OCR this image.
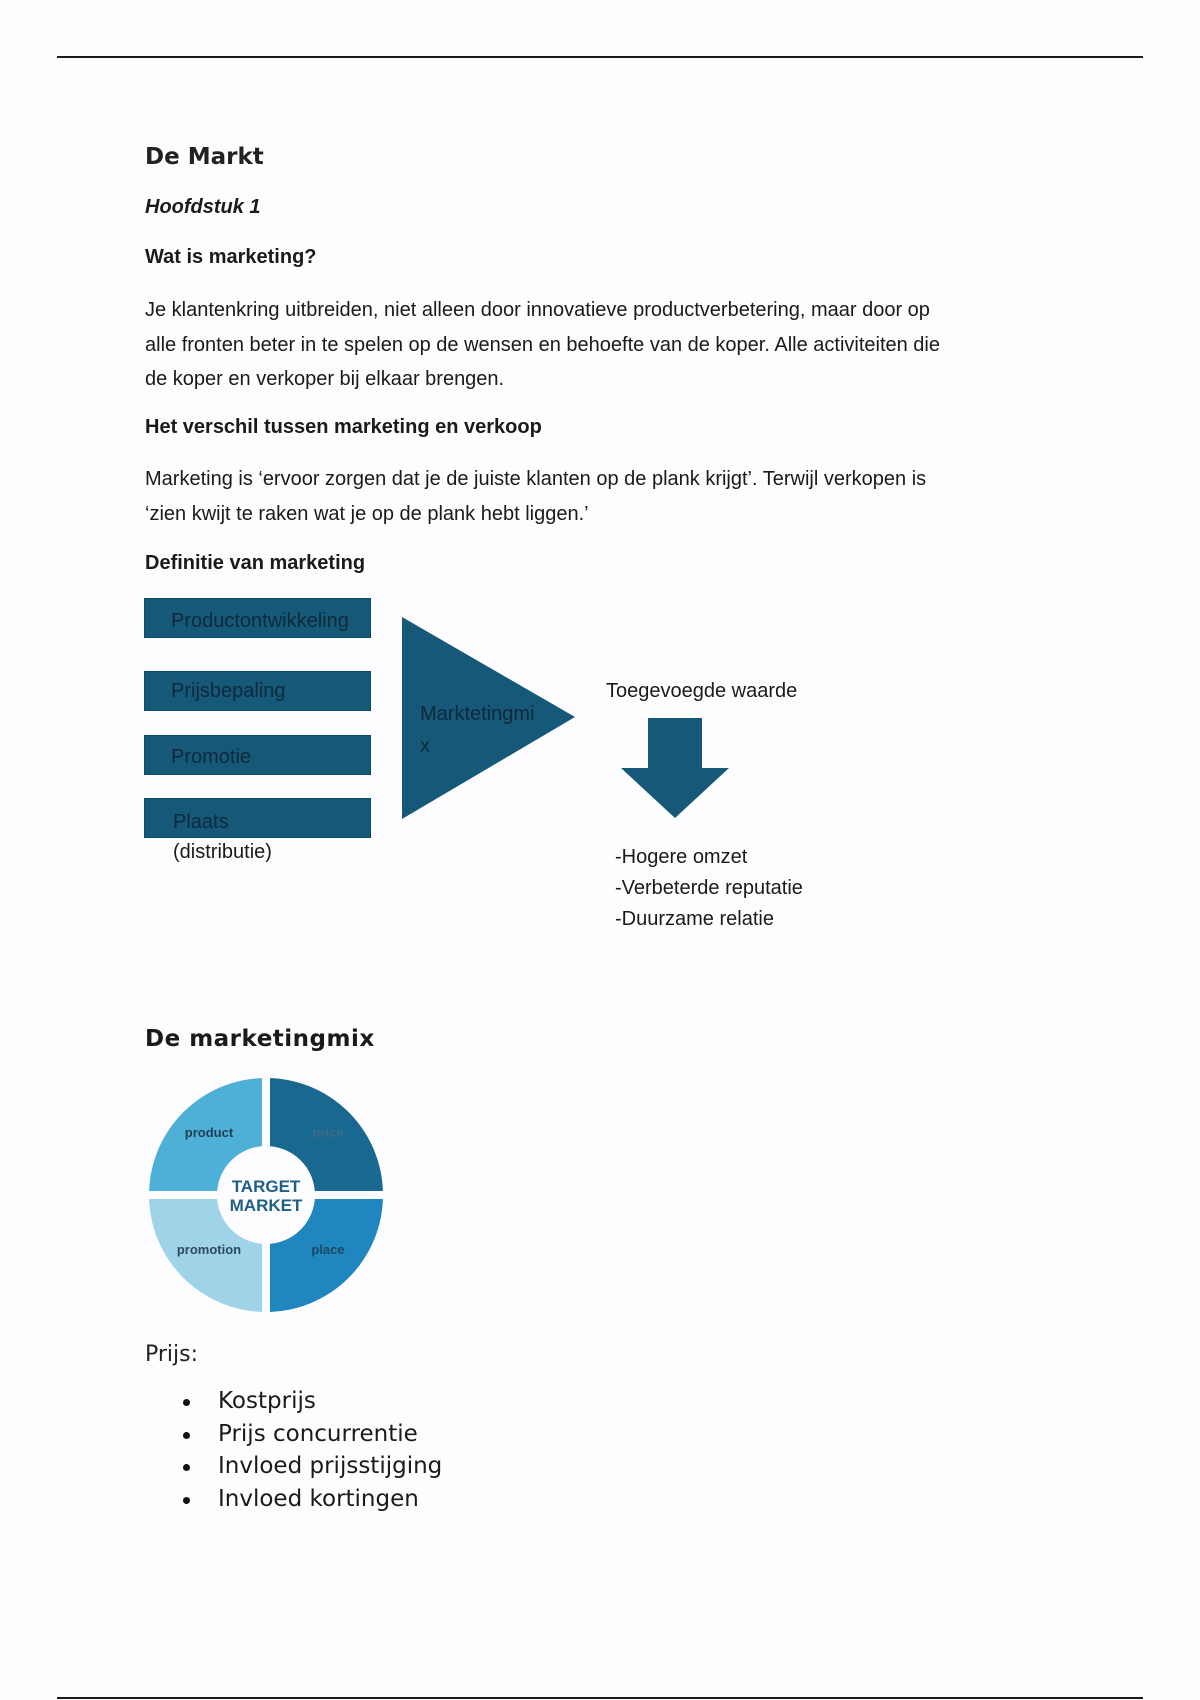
De Markt
Hoofdstuk 1
Wat is marketing?
Je klantenkring uitbreiden, niet alleen door innovatieve productverbetering, maar door op
alle fronten beter in te spelen op de wensen en behoefte van de koper. Alle activiteiten die
de koper en verkoper bij elkaar brengen.
Het verschil tussen marketing en verkoop
Marketing is ‘ervoor zorgen dat je de juiste klanten op de plank krijgt’. Terwijl verkopen is
‘zien kwijt te raken wat je op de plank hebt liggen.’
Definitie van marketing
Productontwikkeling
Prijsbepaling
Promotie
Plaats
(distributie)
Marktetingmi
x
Toegevoegde waarde
-Hogere omzet
-Verbeterde reputatie
-Duurzame relatie
De marketingmix
TARGET
MARKET
product	price
promotion	place
Prijs:
Kostprijs
Prijs concurrentie
Invloed prijsstijging
Invloed kortingen
